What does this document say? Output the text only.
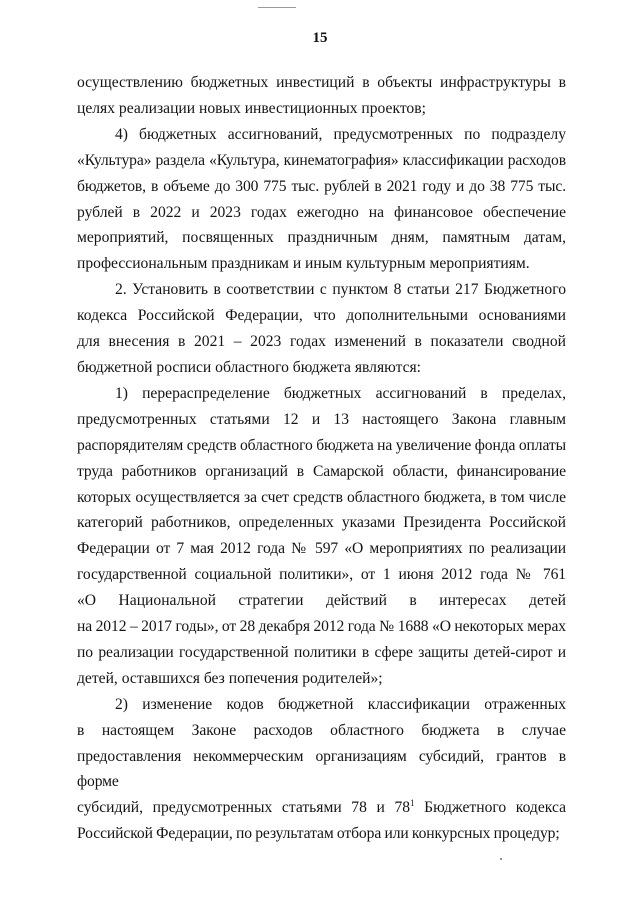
15

осуществлению бюджетных инвестиций в объекты инфраструктуры в

целях реализации новых инвестиционных проектов;

4) бюджетных ассигнований, предусмотренных по подразделу

«Культура» раздела «Культура, кинематография» классификации расходов

бюджетов, в объеме до 300 775 тыс. рублей в 2021 году и до 38 775 тыс.

рублей в 2022 и 2023 годах ежегодно на финансовое обеспечение

мероприятий, посвященных праздничным дням, памятным датам,

профессиональным праздникам и иным культурным мероприятиям.

2. Установить в соответствии с пунктом 8 статьи 217 Бюджетного

кодекса Российской Федерации, что дополнительными основаниями

для внесения в 2021 – 2023 годах изменений в показатели сводной

бюджетной росписи областного бюджета являются:

1) перераспределение бюджетных ассигнований в пределах,

предусмотренных статьями 12 и 13 настоящего Закона главным

распорядителям средств областного бюджета на увеличение фонда оплаты

труда работников организаций в Самарской области, финансирование

которых осуществляется за счет средств областного бюджета, в том числе

категорий работников, определенных указами Президента Российской

Федерации от 7 мая 2012 года № 597 «О мероприятиях по реализации

государственной социальной политики», от 1 июня 2012 года № 761

«О Национальной стратегии действий в интересах детей

на 2012 – 2017 годы», от 28 декабря 2012 года № 1688 «О некоторых мерах

по реализации государственной политики в сфере защиты детей-сирот и

детей, оставшихся без попечения родителей»;

2) изменение кодов бюджетной классификации отраженных

в настоящем Законе расходов областного бюджета в случае

предоставления некоммерческим организациям субсидий, грантов в форме

субсидий, предусмотренных статьями 78 и $78^1$ Бюджетного кодекса

Российской Федерации, по результатам отбора или конкурсных процедур;
